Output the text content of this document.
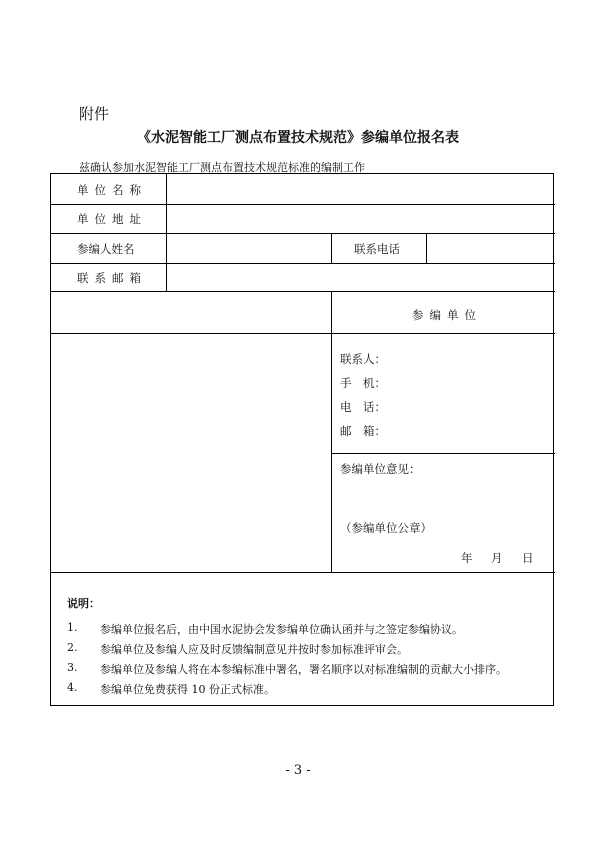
附件
《水泥智能工厂测点布置技术规范》参编单位报名表
兹确认参加水泥智能工厂测点布置技术规范标准的编制工作
单位名称
单位地址
参编人姓名	联系电话
联系邮箱
参编单位
联系人：
手　机：
电　话：
邮　箱：
参编单位意见：
（参编单位公章）
年 月 日
说明：
1. 参编单位报名后，由中国水泥协会发参编单位确认函并与之签定参编协议。
2. 参编单位及参编人应及时反馈编制意见并按时参加标准评审会。
3. 参编单位及参编人将在本参编标准中署名，署名顺序以对标准编制的贡献大小排序。
4. 参编单位免费获得 10 份正式标准。
- 3 -
